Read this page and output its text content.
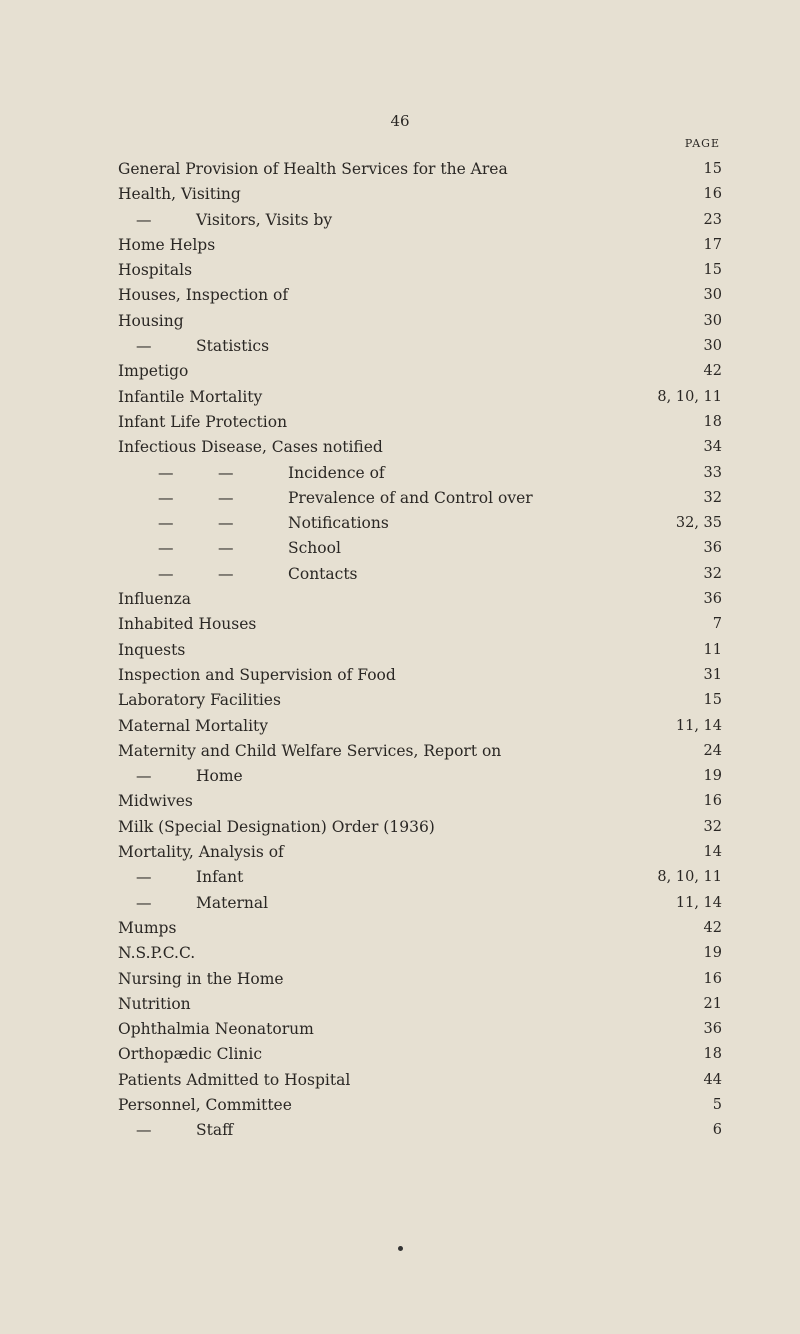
46
PAGE
General Provision of Health Services for the Area	15
Health, Visiting	16
—	Visitors, Visits by	23
Home Helps	17
Hospitals	15
Houses, Inspection of	30
Housing	30
—	Statistics	30
Impetigo	42
Infantile Mortality	8, 10, 11
Infant Life Protection	18
Infectious Disease, Cases notified	34
—	—	Incidence of	33
—	—	Prevalence of and Control over	32
—	—	Notifications	32, 35
—	—	School	36
—	—	Contacts	32
Influenza	36
Inhabited Houses	7
Inquests	11
Inspection and Supervision of Food	31
Laboratory Facilities	15
Maternal Mortality	11, 14
Maternity and Child Welfare Services, Report on	24
—	Home	19
Midwives	16
Milk (Special Designation) Order (1936)	32
Mortality, Analysis of	14
—	Infant	8, 10, 11
—	Maternal	11, 14
Mumps	42
N.S.P.C.C.	19
Nursing in the Home	16
Nutrition	21
Ophthalmia Neonatorum	36
Orthopædic Clinic	18
Patients Admitted to Hospital	44
Personnel, Committee	5
—	Staff	6
